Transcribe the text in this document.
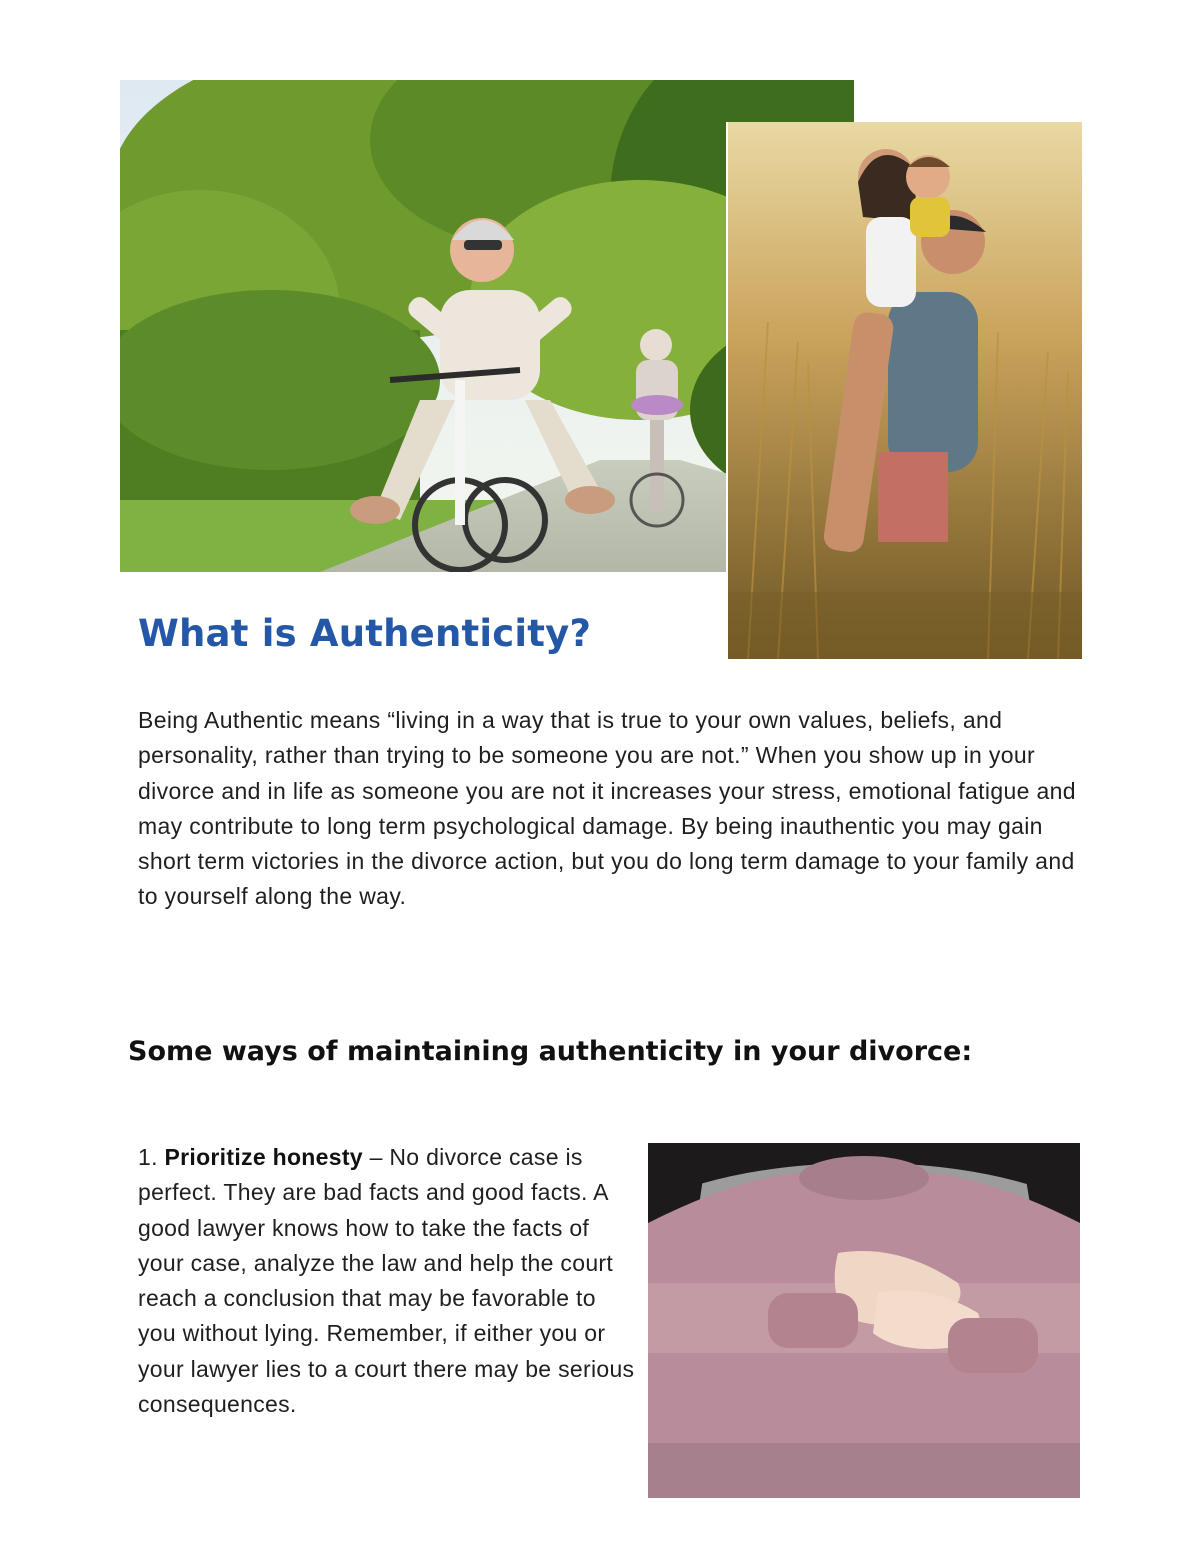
What is Authenticity?

Being Authentic means “living in a way that is true to your own values, beliefs, and personality, rather than trying to be someone you are not.” When you show up in your divorce and in life as someone you are not it increases your stress, emotional fatigue and may contribute to long term psychological damage. By being inauthentic you may gain short term victories in the divorce action, but you do long term damage to your family and to yourself along the way.

Some ways of maintaining authenticity in your divorce:

1. Prioritize honesty – No divorce case is perfect. They are bad facts and good facts. A good lawyer knows how to take the facts of your case, analyze the law and help the court reach a conclusion that may be favorable to you without lying. Remember, if either you or your lawyer lies to a court there may be serious consequences.
